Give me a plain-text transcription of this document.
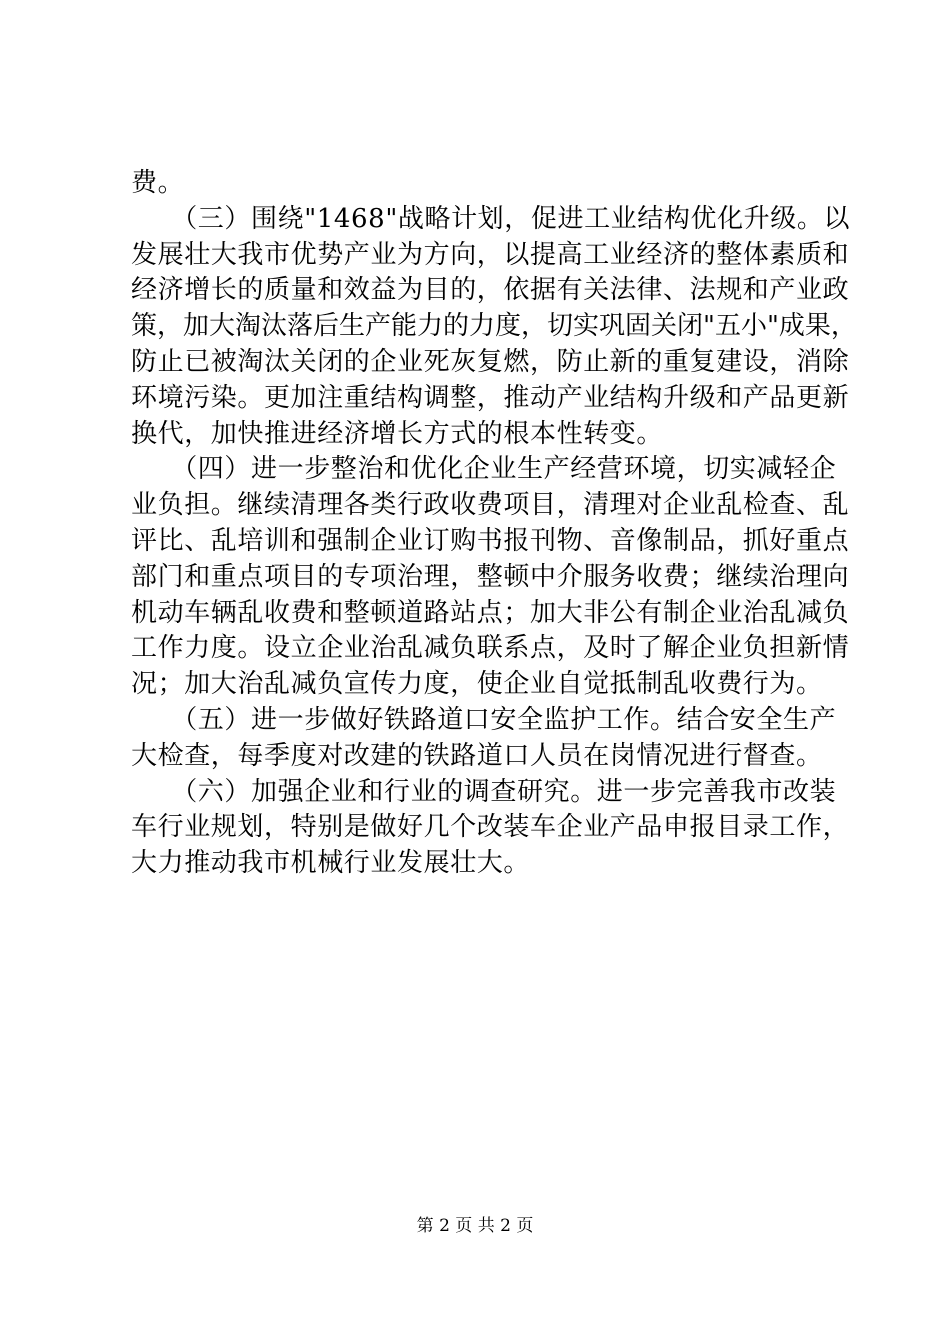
费。
　　（三）围绕"1468"战略计划，促进工业结构优化升级。以
发展壮大我市优势产业为方向，以提高工业经济的整体素质和
经济增长的质量和效益为目的，依据有关法律、法规和产业政
策，加大淘汰落后生产能力的力度，切实巩固关闭"五小"成果，
防止已被淘汰关闭的企业死灰复燃，防止新的重复建设，消除
环境污染。更加注重结构调整，推动产业结构升级和产品更新
换代，加快推进经济增长方式的根本性转变。
　　（四）进一步整治和优化企业生产经营环境，切实减轻企
业负担。继续清理各类行政收费项目，清理对企业乱检查、乱
评比、乱培训和强制企业订购书报刊物、音像制品，抓好重点
部门和重点项目的专项治理，整顿中介服务收费；继续治理向
机动车辆乱收费和整顿道路站点；加大非公有制企业治乱减负
工作力度。设立企业治乱减负联系点，及时了解企业负担新情
况；加大治乱减负宣传力度，使企业自觉抵制乱收费行为。
　　（五）进一步做好铁路道口安全监护工作。结合安全生产
大检查，每季度对改建的铁路道口人员在岗情况进行督查。
　　（六）加强企业和行业的调查研究。进一步完善我市改装
车行业规划，特别是做好几个改装车企业产品申报目录工作，
大力推动我市机械行业发展壮大。
第 2 页 共 2 页
